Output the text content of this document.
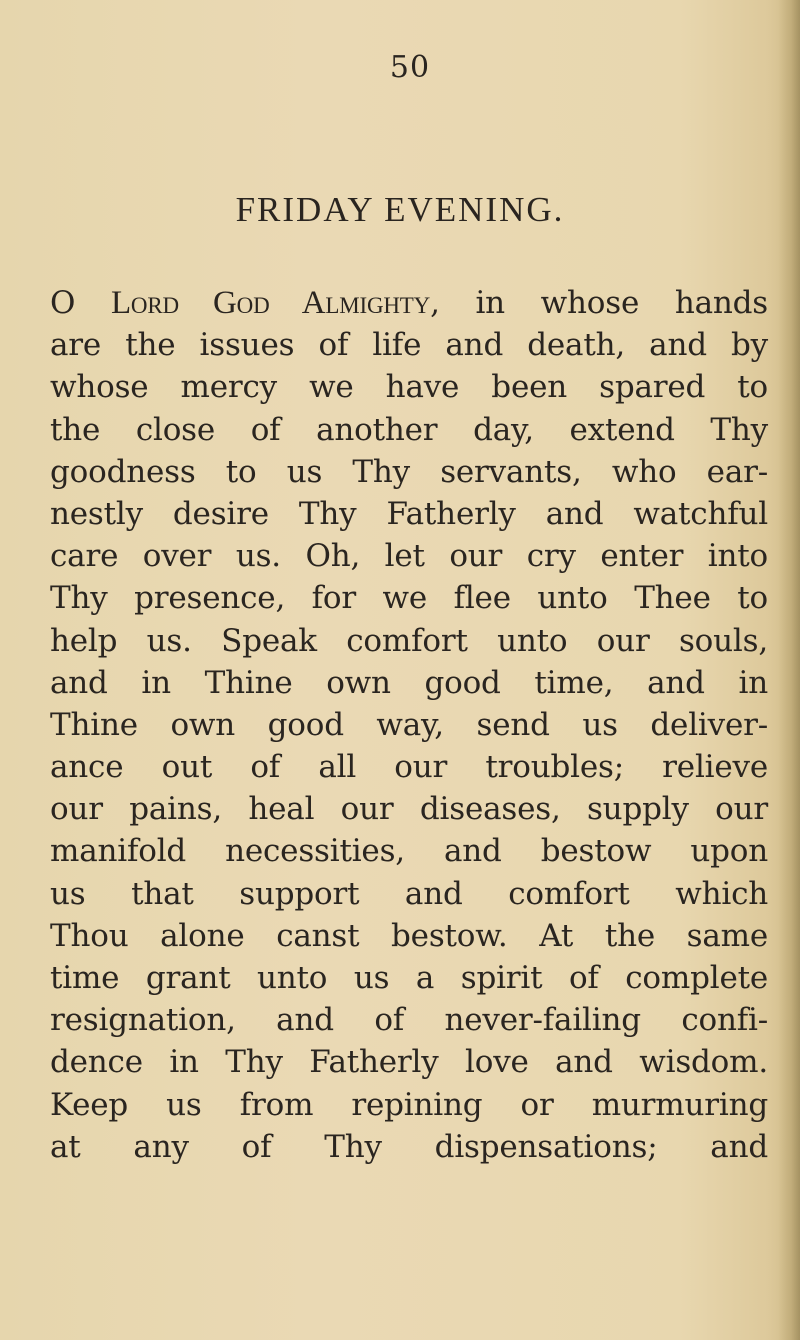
50
FRIDAY EVENING.
O Lord God Almighty, in whose hands
are the issues of life and death, and by
whose mercy we have been spared to
the close of another day, extend Thy
goodness to us Thy servants, who ear-
nestly desire Thy Fatherly and watchful
care over us. Oh, let our cry enter into
Thy presence, for we flee unto Thee to
help us. Speak comfort unto our souls,
and in Thine own good time, and in
Thine own good way, send us deliver-
ance out of all our troubles; relieve
our pains, heal our diseases, supply our
manifold necessities, and bestow upon
us that support and comfort which
Thou alone canst bestow. At the same
time grant unto us a spirit of complete
resignation, and of never-failing confi-
dence in Thy Fatherly love and wisdom.
Keep us from repining or murmuring
at any of Thy dispensations; and
